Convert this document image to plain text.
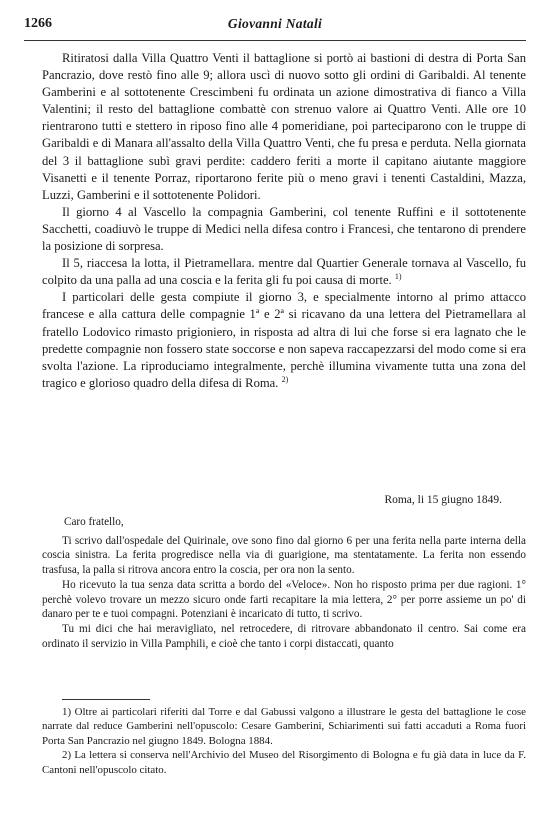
1266	Giovanni Natali

Ritiratosi dalla Villa Quattro Venti il battaglione si portò ai bastioni di destra di Porta San Pancrazio, dove restò fino alle 9; allora uscì di nuovo sotto gli ordini di Garibaldi. Al tenente Gamberini e al sottotenente Crescimbeni fu ordinata un azione dimostrativa di fianco a Villa Valentini; il resto del battaglione combattè con strenuo valore ai Quattro Venti. Alle ore 10 rientrarono tutti e stettero in riposo fino alle 4 pomeridiane, poi parteciparono con le truppe di Garibaldi e di Manara all'assalto della Villa Quattro Venti, che fu presa e perduta. Nella giornata del 3 il battaglione subì gravi perdite: caddero feriti a morte il capitano aiutante maggiore Visanetti e il tenente Porraz, riportarono ferite più o meno gravi i tenenti Castaldini, Mazza, Luzzi, Gamberini e il sottotenente Polidori.

Il giorno 4 al Vascello la compagnia Gamberini, col tenente Ruffini e il sottotenente Sacchetti, coadiuvò le truppe di Medici nella difesa contro i Francesi, che tentarono di prendere la posizione di sorpresa.

Il 5, riaccesa la lotta, il Pietramellara. mentre dal Quartier Generale tornava al Vascello, fu colpito da una palla ad una coscia e la ferita gli fu poi causa di morte. $^{1)}$

I particolari delle gesta compiute il giorno 3, e specialmente intorno al primo attacco francese e alla cattura delle compagnie 1ª e 2ª si ricavano da una lettera del Pietramellara al fratello Lodovico rimasto prigioniero, in risposta ad altra di lui che forse si era lagnato che le predette compagnie non fossero state soccorse e non sapeva raccapezzarsi del modo come si era svolta l'azione. La riproduciamo integralmente, perchè illumina vivamente tutta una zona del tragico e glorioso quadro della difesa di Roma. $^{2)}$

Roma, li 15 giugno 1849.

Caro fratello,

Ti scrivo dall'ospedale del Quirinale, ove sono fino dal giorno 6 per una ferita nella parte interna della coscia sinistra. La ferita progredisce nella via di guarigione, ma stentatamente. La ferita non essendo trasfusa, la palla si ritrova ancora entro la coscia, per ora non la sento.

Ho ricevuto la tua senza data scritta a bordo del «Veloce». Non ho risposto prima per due ragioni. 1° perchè volevo trovare un mezzo sicuro onde farti recapitare la mia lettera, 2° per porre assieme un po' di danaro per te e tuoi compagni. Potenziani è incaricato di tutto, ti scrivo.

Tu mi dici che hai meravigliato, nel retrocedere, di ritrovare abbandonato il centro. Sai come era ordinato il servizio in Villa Pamphili, e cioè che tanto i corpi distaccati, quanto

1) Oltre ai particolari riferiti dal Torre e dal Gabussi valgono a illustrare le gesta del battaglione le cose narrate dal reduce Gamberini nell'opuscolo: Cesare Gamberini, Schiarimenti sui fatti accaduti a Roma fuori Porta San Pancrazio nel giugno 1849. Bologna 1884.

2) La lettera si conserva nell'Archivio del Museo del Risorgimento di Bologna e fu già data in luce da F. Cantoni nell'opuscolo citato.
